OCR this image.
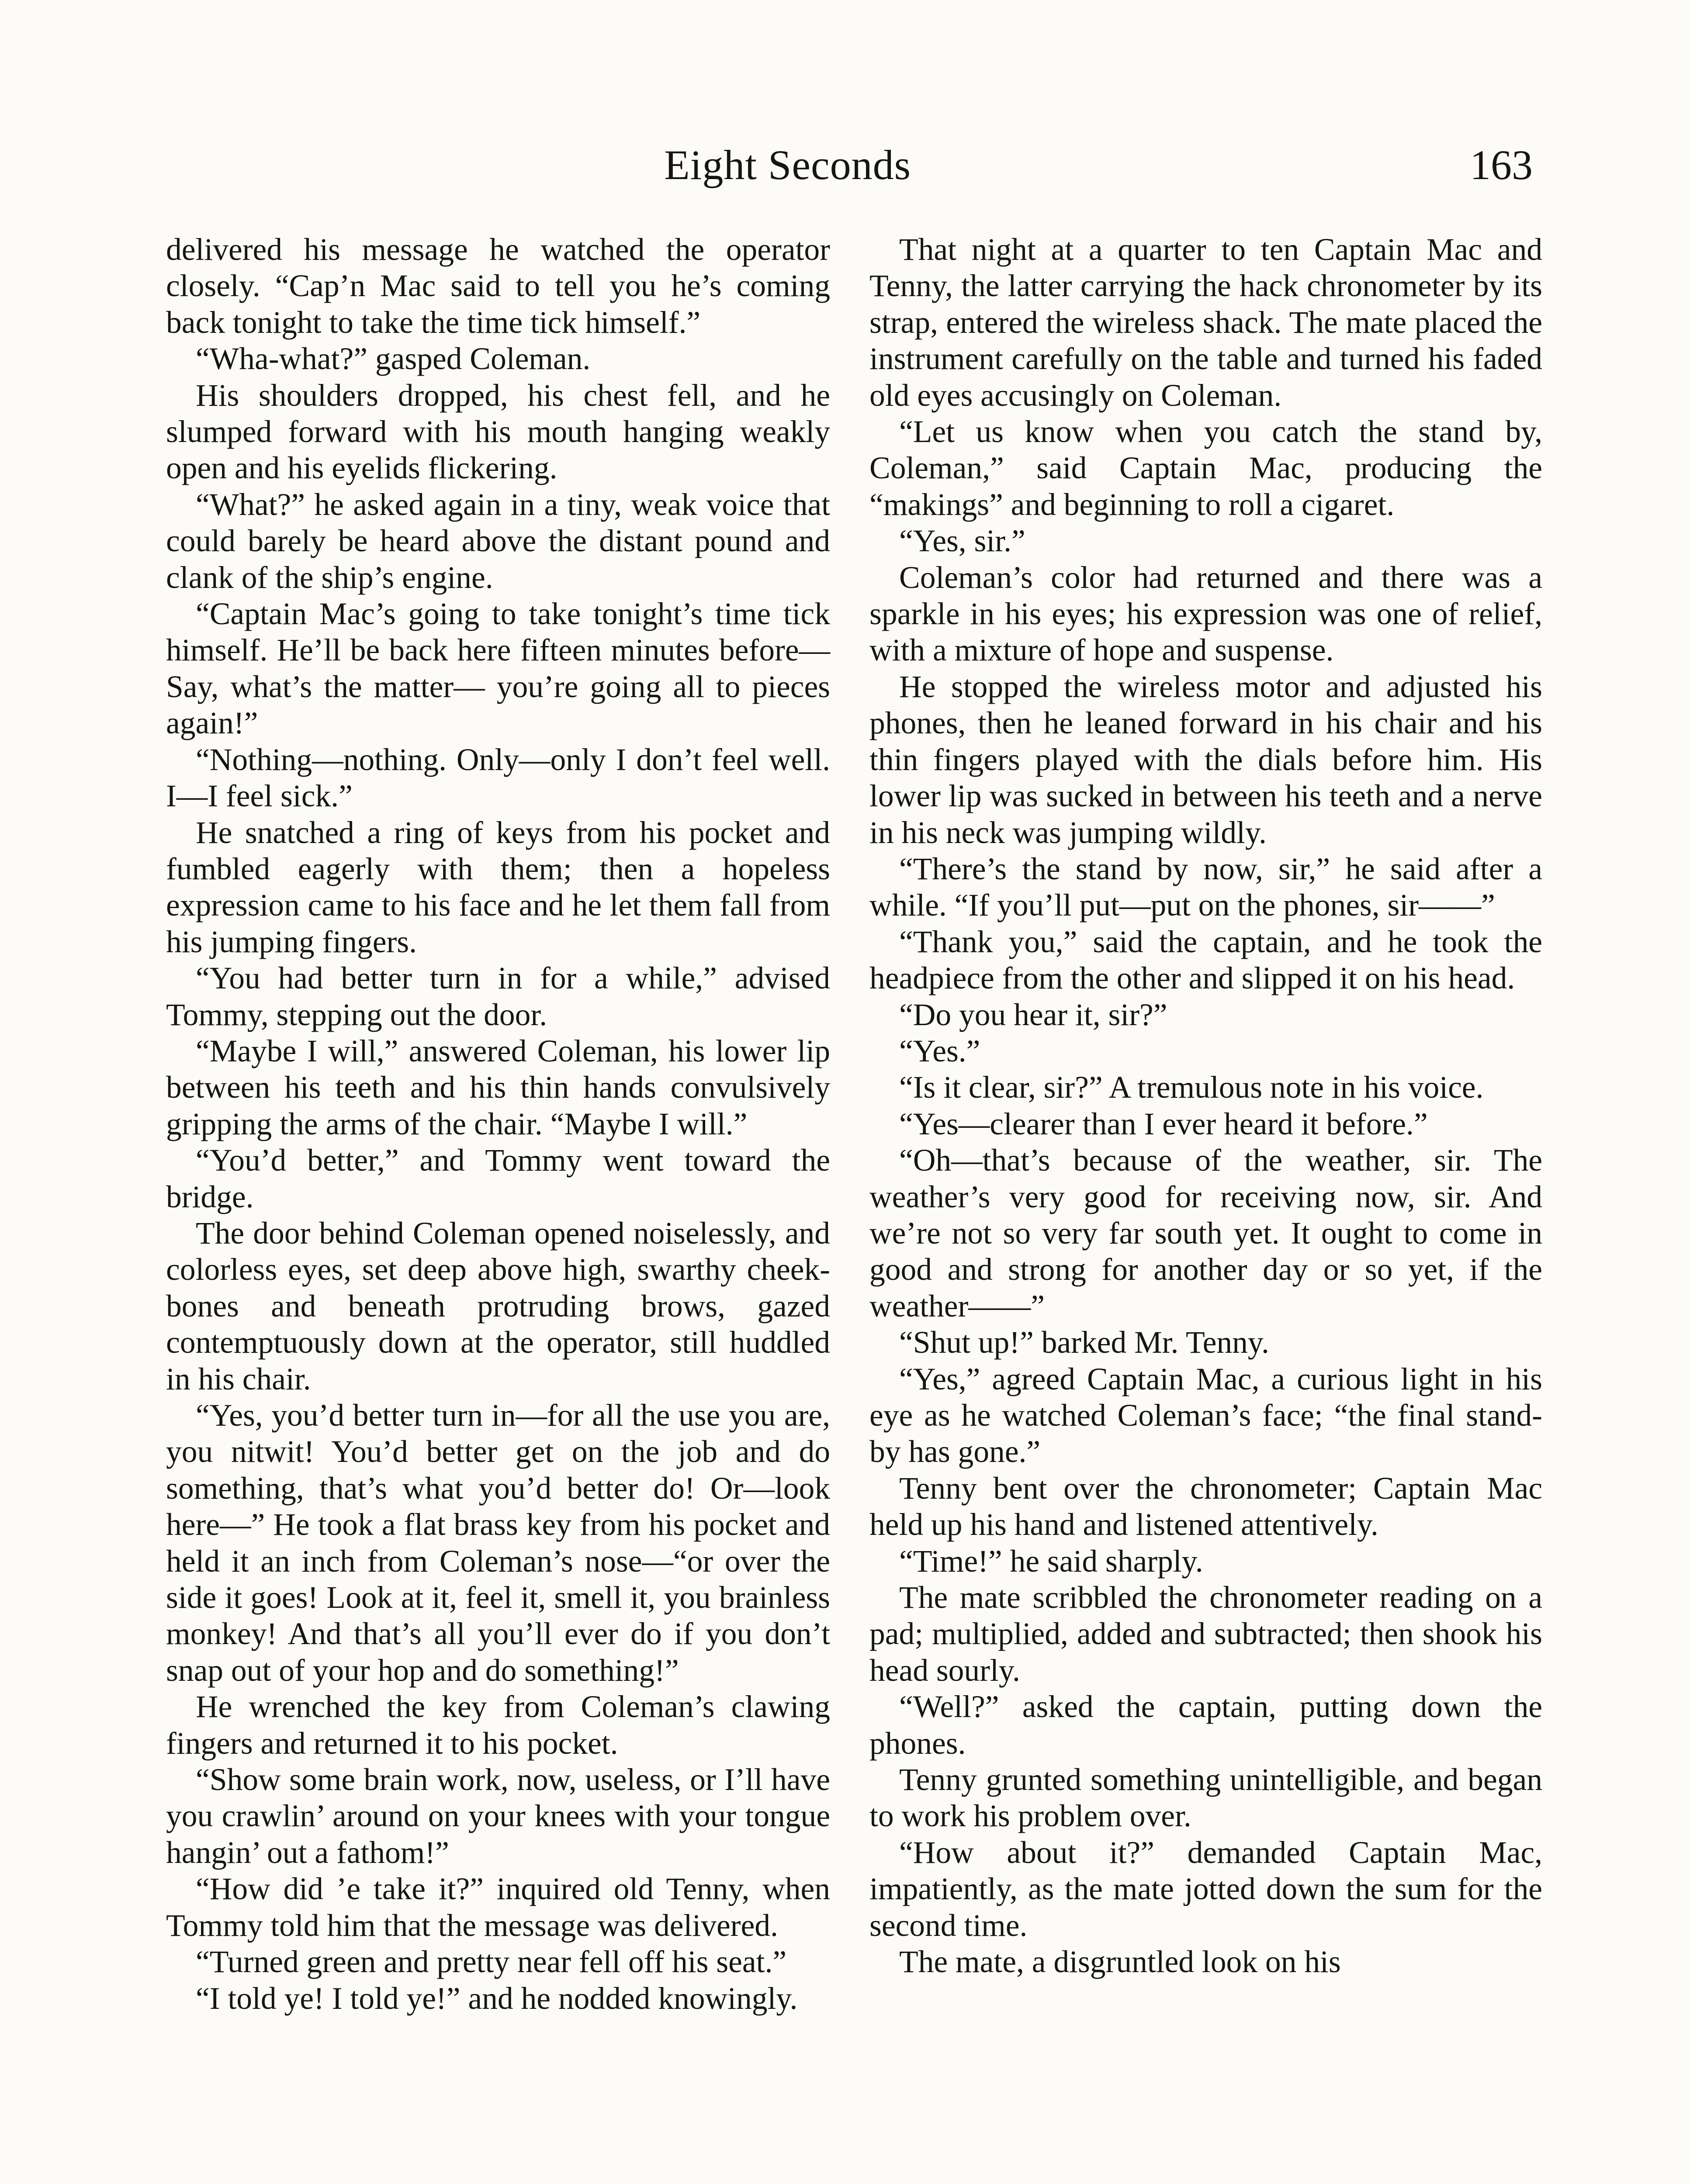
Eight Seconds	163

delivered his message he watched the operator closely. “Cap’n Mac said to tell you he’s coming back tonight to take the time tick himself.”

“Wha-what?” gasped Coleman.

His shoulders dropped, his chest fell, and he slumped forward with his mouth hanging weakly open and his eyelids flickering.

“What?” he asked again in a tiny, weak voice that could barely be heard above the distant pound and clank of the ship’s engine.

“Captain Mac’s going to take tonight’s time tick himself. He’ll be back here fifteen minutes before— Say, what’s the matter— you’re going all to pieces again!”

“Nothing—nothing. Only—only I don’t feel well. I—I feel sick.”

He snatched a ring of keys from his pocket and fumbled eagerly with them; then a hopeless expression came to his face and he let them fall from his jumping fingers.

“You had better turn in for a while,” advised Tommy, stepping out the door.

“Maybe I will,” answered Coleman, his lower lip between his teeth and his thin hands convulsively gripping the arms of the chair. “Maybe I will.”

“You’d better,” and Tommy went toward the bridge.

The door behind Coleman opened noiselessly, and colorless eyes, set deep above high, swarthy cheek-bones and beneath protruding brows, gazed contemptuously down at the operator, still huddled in his chair.

“Yes, you’d better turn in—for all the use you are, you nitwit! You’d better get on the job and do something, that’s what you’d better do! Or—look here—” He took a flat brass key from his pocket and held it an inch from Coleman’s nose—“or over the side it goes! Look at it, feel it, smell it, you brainless monkey! And that’s all you’ll ever do if you don’t snap out of your hop and do something!”

He wrenched the key from Coleman’s clawing fingers and returned it to his pocket.

“Show some brain work, now, useless, or I’ll have you crawlin’ around on your knees with your tongue hangin’ out a fathom!”

“How did ’e take it?” inquired old Tenny, when Tommy told him that the message was delivered.

“Turned green and pretty near fell off his seat.”

“I told ye! I told ye!” and he nodded knowingly.

That night at a quarter to ten Captain Mac and Tenny, the latter carrying the hack chronometer by its strap, entered the wireless shack. The mate placed the instrument carefully on the table and turned his faded old eyes accusingly on Coleman.

“Let us know when you catch the stand by, Coleman,” said Captain Mac, producing the “makings” and beginning to roll a cigaret.

“Yes, sir.”

Coleman’s color had returned and there was a sparkle in his eyes; his expression was one of relief, with a mixture of hope and suspense.

He stopped the wireless motor and adjusted his phones, then he leaned forward in his chair and his thin fingers played with the dials before him. His lower lip was sucked in between his teeth and a nerve in his neck was jumping wildly.

“There’s the stand by now, sir,” he said after a while. “If you’ll put—put on the phones, sir——”

“Thank you,” said the captain, and he took the headpiece from the other and slipped it on his head.

“Do you hear it, sir?”

“Yes.”

“Is it clear, sir?” A tremulous note in his voice.

“Yes—clearer than I ever heard it before.”

“Oh—that’s because of the weather, sir. The weather’s very good for receiving now, sir. And we’re not so very far south yet. It ought to come in good and strong for another day or so yet, if the weather——”

“Shut up!” barked Mr. Tenny.

“Yes,” agreed Captain Mac, a curious light in his eye as he watched Coleman’s face; “the final stand-by has gone.”

Tenny bent over the chronometer; Captain Mac held up his hand and listened attentively.

“Time!” he said sharply.

The mate scribbled the chronometer reading on a pad; multiplied, added and subtracted; then shook his head sourly.

“Well?” asked the captain, putting down the phones.

Tenny grunted something unintelligible, and began to work his problem over.

“How about it?” demanded Captain Mac, impatiently, as the mate jotted down the sum for the second time.

The mate, a disgruntled look on his
